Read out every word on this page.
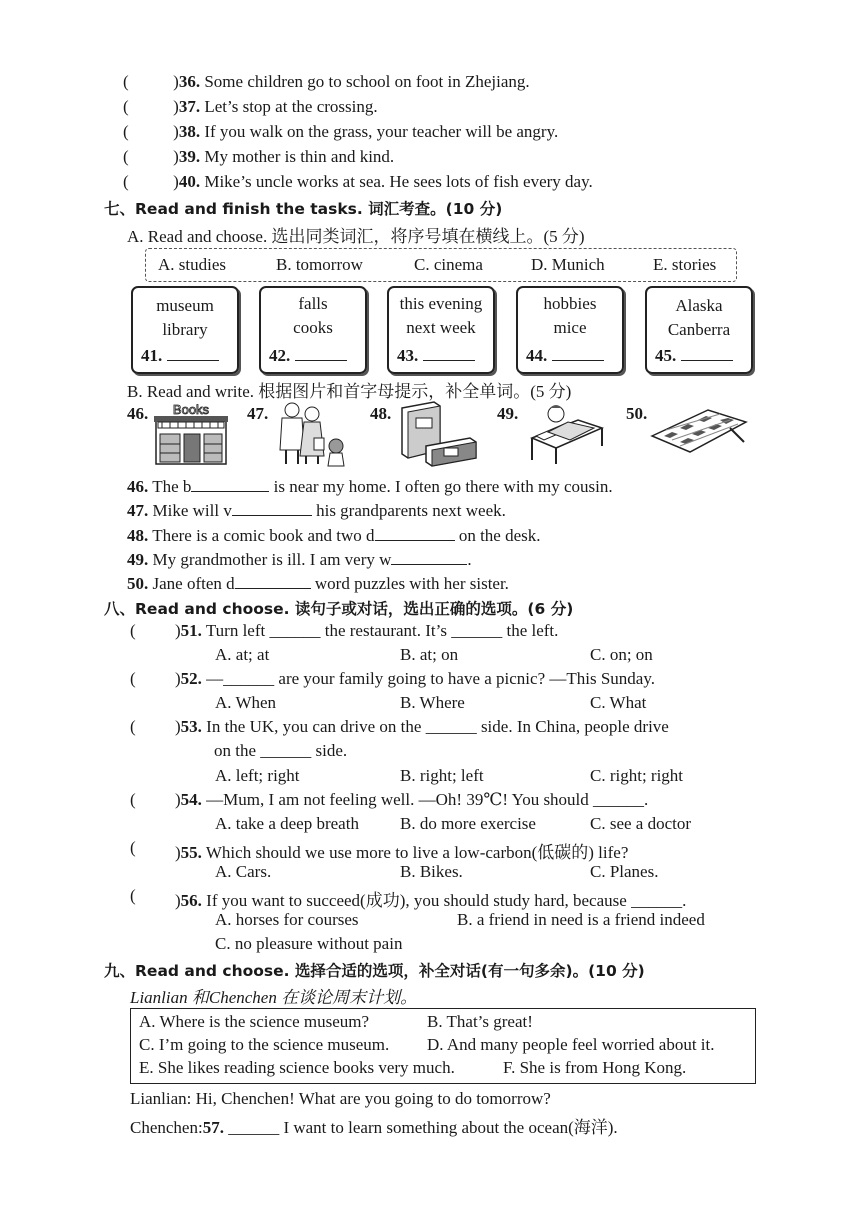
(	)36. Some children go to school on foot in Zhejiang.
(	)37. Let’s stop at the crossing.
(	)38. If you walk on the grass, your teacher will be angry.
(	)39. My mother is thin and kind.
(	)40. Mike’s uncle works at sea. He sees lots of fish every day.
七、Read and finish the tasks. 词汇考查。(10 分)
A. Read and choose. 选出同类词汇，将序号填在横线上。(5 分)
A. studies	B. tomorrow	C. cinema	D. Munich	E. stories
museum
library
41.
falls
cooks
42.
this evening
next week
43.
hobbies
mice
44.
Alaska
Canberra
45.
B. Read and write. 根据图片和首字母提示，补全单词。(5 分)
46.	47.	48.	49.	50.
Books
46. The b	is near my home. I often go there with my cousin.
47. Mike will v	his grandparents next week.
48. There is a comic book and two d	on the desk.
49. My grandmother is ill. I am very w	.
50. Jane often d	word puzzles with her sister.
八、Read and choose. 读句子或对话，选出正确的选项。(6 分)
( )51. Turn left ______ the restaurant. It’s ______ the left.
A. at; at	B. at; on	C. on; on
( )52. —______ are your family going to have a picnic? —This Sunday.
A. When	B. Where	C. What
( )53. In the UK, you can drive on the ______ side. In China, people drive
on the ______ side.
A. left; right	B. right; left	C. right; right
( )54. —Mum, I am not feeling well. —Oh! 39℃! You should ______.
A. take a deep breath B. do more exercise	C. see a doctor
( )55. Which should we use more to live a low-carbon(低碳的) life?
A. Cars.	B. Bikes.	C. Planes.
( )56. If you want to succeed(成功), you should study hard, because ______.
A. horses for courses	B. a friend in need is a friend indeed
C. no pleasure without pain
九、Read and choose. 选择合适的选项，补全对话(有一句多余)。(10 分)
Lianlian 和Chenchen 在谈论周末计划。
A. Where is the science museum?	B. That’s great!
C. I’m going to the science museum. D. And many people feel worried about it.
E. She likes reading science books very much.	F. She is from Hong Kong.
Lianlian: Hi, Chenchen! What are you going to do tomorrow?
Chenchen:57. ______ I want to learn something about the ocean(海洋).
